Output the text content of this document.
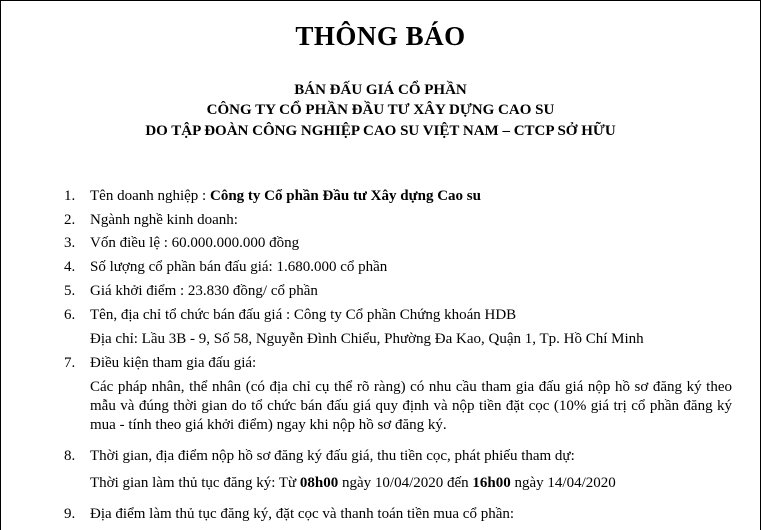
THÔNG BÁO
BÁN ĐẤU GIÁ CỔ PHẦN
CÔNG TY CỔ PHẦN ĐẦU TƯ XÂY DỰNG CAO SU
DO TẬP ĐOÀN CÔNG NGHIỆP CAO SU VIỆT NAM – CTCP SỞ HỮU
1. Tên doanh nghiệp : Công ty Cổ phần Đầu tư Xây dựng Cao su
2. Ngành nghề kinh doanh:
3. Vốn điều lệ : 60.000.000.000 đồng
4. Số lượng cổ phần bán đấu giá: 1.680.000 cổ phần
5. Giá khởi điểm : 23.830 đồng/ cổ phần
6. Tên, địa chỉ tổ chức bán đấu giá : Công ty Cổ phần Chứng khoán HDB
Địa chỉ: Lầu 3B - 9, Số 58, Nguyễn Đình Chiểu, Phường Đa Kao, Quận 1, Tp. Hồ Chí Minh
7. Điều kiện tham gia đấu giá:
Các pháp nhân, thể nhân (có địa chỉ cụ thể rõ ràng) có nhu cầu tham gia đấu giá nộp hồ sơ đăng ký theo mẫu và đúng thời gian do tổ chức bán đấu giá quy định và nộp tiền đặt cọc (10% giá trị cổ phần đăng ký mua - tính theo giá khởi điểm) ngay khi nộp hồ sơ đăng ký.
8. Thời gian, địa điểm nộp hồ sơ đăng ký đấu giá, thu tiền cọc, phát phiếu tham dự:
Thời gian làm thủ tục đăng ký: Từ 08h00 ngày 10/04/2020 đến 16h00 ngày 14/04/2020
9. Địa điểm làm thủ tục đăng ký, đặt cọc và thanh toán tiền mua cổ phần:
